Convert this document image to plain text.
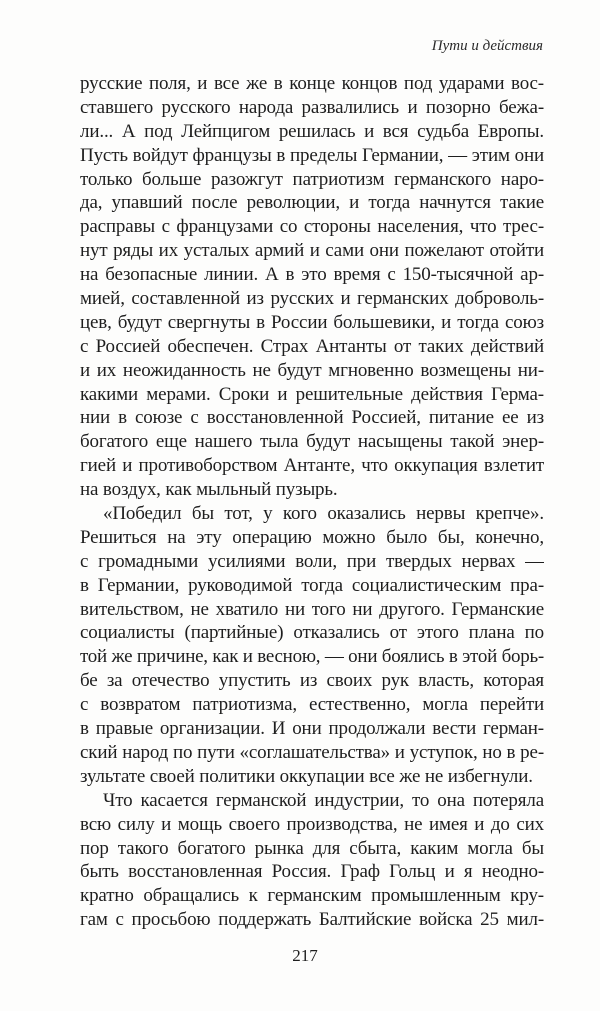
Пути и действия
русские поля, и все же в конце концов под ударами вос-
ставшего русского народа развалились и позорно бежа-
ли... А под Лейпцигом решилась и вся судьба Европы.
Пусть войдут французы в пределы Германии, — этим они
только больше разожгут патриотизм германского наро-
да, упавший после революции, и тогда начнутся такие
расправы с французами со стороны населения, что трес-
нут ряды их усталых армий и сами они пожелают отойти
на безопасные линии. А в это время с 150-тысячной ар-
мией, составленной из русских и германских доброволь-
цев, будут свергнуты в России большевики, и тогда союз
с Россией обеспечен. Страх Антанты от таких действий
и их неожиданность не будут мгновенно возмещены ни-
какими мерами. Сроки и решительные действия Герма-
нии в союзе с восстановленной Россией, питание ее из
богатого еще нашего тыла будут насыщены такой энер-
гией и противоборством Антанте, что оккупация взлетит
на воздух, как мыльный пузырь.
«Победил бы тот, у кого оказались нервы крепче».
Решиться на эту операцию можно было бы, конечно,
с громадными усилиями воли, при твердых нервах —
в Германии, руководимой тогда социалистическим пра-
вительством, не хватило ни того ни другого. Германские
социалисты (партийные) отказались от этого плана по
той же причине, как и весною, — они боялись в этой борь-
бе за отечество упустить из своих рук власть, которая
с возвратом патриотизма, естественно, могла перейти
в правые организации. И они продолжали вести герман-
ский народ по пути «соглашательства» и уступок, но в ре-
зультате своей политики оккупации все же не избегнули.
Что касается германской индустрии, то она потеряла
всю силу и мощь своего производства, не имея и до сих
пор такого богатого рынка для сбыта, каким могла бы
быть восстановленная Россия. Граф Гольц и я неодно-
кратно обращались к германским промышленным кру-
гам с просьбою поддержать Балтийские войска 25 мил-
217
